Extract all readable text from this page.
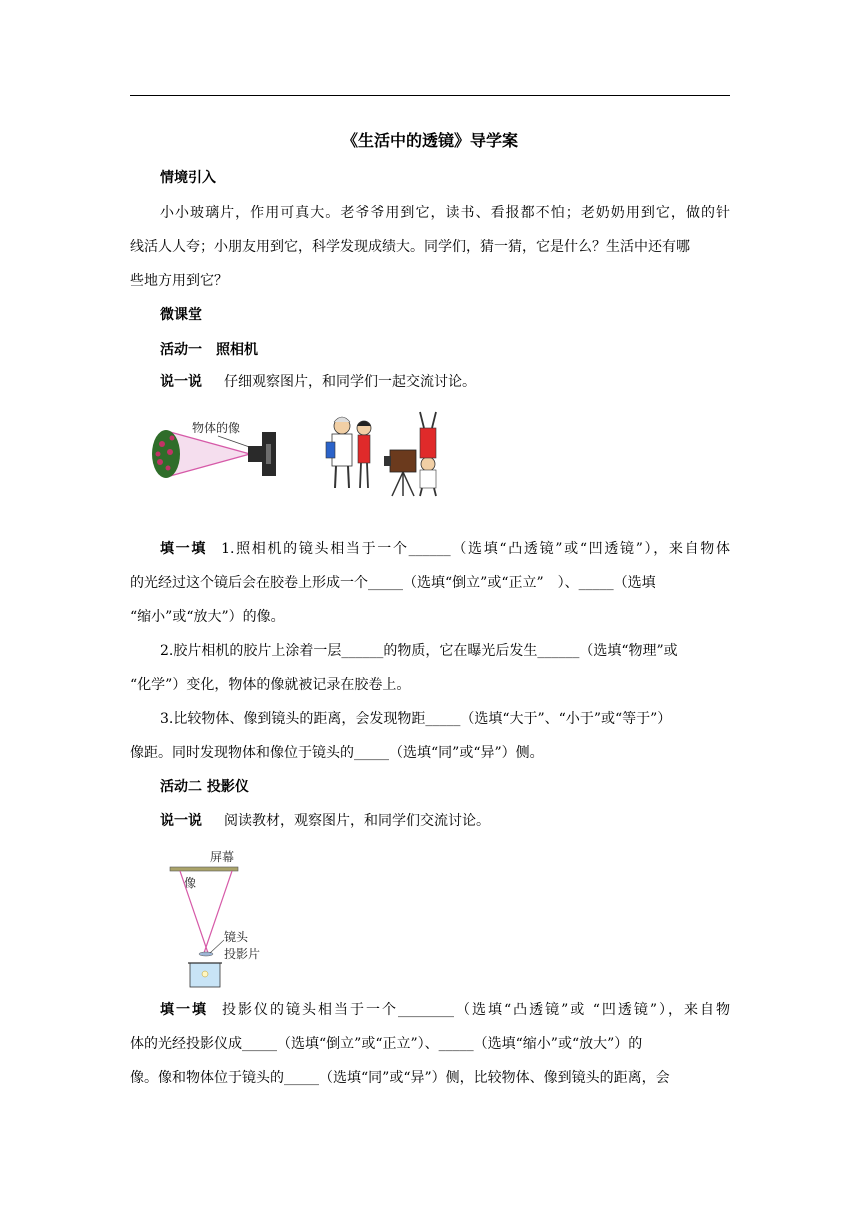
《生活中的透镜》导学案
情境引入
小小玻璃片，作用可真大。老爷爷用到它，读书、看报都不怕；老奶奶用到它，做的针
线活人人夸；小朋友用到它，科学发现成绩大。同学们，猜一猜，它是什么？生活中还有哪
些地方用到它？
微课堂
活动一　照相机
说一说 仔细观察图片，和同学们一起交流讨论。
物体的像
填一填 1.照相机的镜头相当于一个______（选填“凸透镜”或“凹透镜”），来自物体
的光经过这个镜后会在胶卷上形成一个_____（选填“倒立”或“正立”　）、_____（选填
“缩小”或“放大”）的像。
2.胶片相机的胶片上涂着一层______的物质，它在曝光后发生______（选填“物理”或
“化学”）变化，物体的像就被记录在胶卷上。
3.比较物体、像到镜头的距离，会发现物距_____（选填“大于”、“小于”或“等于”）
像距。同时发现物体和像位于镜头的_____（选填“同”或“异”）侧。
活动二 投影仪
说一说 阅读教材，观察图片，和同学们交流讨论。
屏幕
像
镜头
投影片
填一填 投影仪的镜头相当于一个________（选填“凸透镜”或 “凹透镜”），来自物
体的光经投影仪成_____（选填“倒立”或“正立”）、_____（选填“缩小”或“放大”）的
像。像和物体位于镜头的_____（选填“同”或“异”）侧，比较物体、像到镜头的距离，会
